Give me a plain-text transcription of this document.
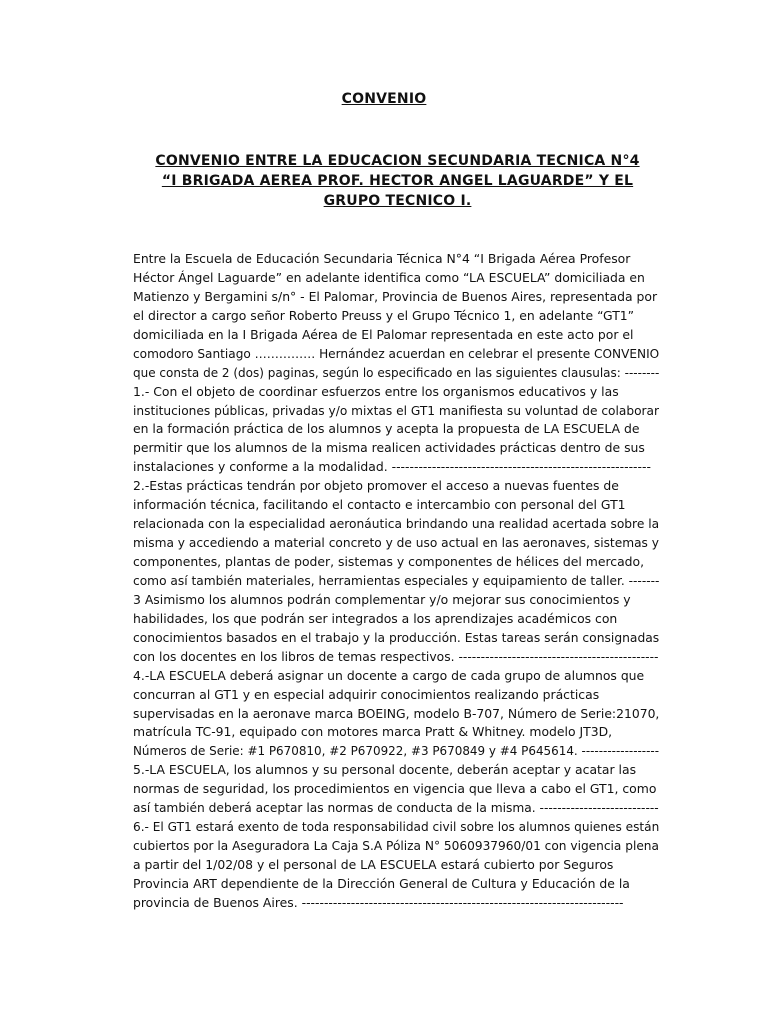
CONVENIO
CONVENIO ENTRE LA EDUCACION SECUNDARIA TECNICA N°4
“I BRIGADA AEREA PROF. HECTOR ANGEL LAGUARDE” Y EL
GRUPO TECNICO I.
Entre la Escuela de Educación Secundaria Técnica N°4 “I Brigada Aérea Profesor
Héctor Ángel Laguarde” en adelante identifica como “LA ESCUELA” domiciliada en
Matienzo y Bergamini s/n° - El Palomar, Provincia de Buenos Aires, representada por
el director a cargo señor Roberto Preuss y el Grupo Técnico 1, en adelante “GT1”
domiciliada en la I Brigada Aérea de El Palomar representada en este acto por el
comodoro Santiago …………… Hernández acuerdan en celebrar el presente CONVENIO
que consta de 2 (dos) paginas, según lo especificado en las siguientes clausulas: --------
1.- Con el objeto de coordinar esfuerzos entre los organismos educativos y las
instituciones públicas, privadas y/o mixtas el GT1 manifiesta su voluntad de colaborar
en la formación práctica de los alumnos y acepta la propuesta de LA ESCUELA de
permitir que los alumnos de la misma realicen actividades prácticas dentro de sus
instalaciones y conforme a la modalidad. ----------------------------------------------------------
2.-Estas prácticas tendrán por objeto promover el acceso a nuevas fuentes de
información técnica, facilitando el contacto e intercambio con personal del GT1
relacionada con la especialidad aeronáutica brindando una realidad acertada sobre la
misma y accediendo a material concreto y de uso actual en las aeronaves, sistemas y
componentes, plantas de poder, sistemas y componentes de hélices del mercado,
como así también materiales, herramientas especiales y equipamiento de taller. -------
3 Asimismo los alumnos podrán complementar y/o mejorar sus conocimientos y
habilidades, los que podrán ser integrados a los aprendizajes académicos con
conocimientos basados en el trabajo y la producción. Estas tareas serán consignadas
con los docentes en los libros de temas respectivos. ---------------------------------------------
4.-LA ESCUELA deberá asignar un docente a cargo de cada grupo de alumnos que
concurran al GT1 y en especial adquirir conocimientos realizando prácticas
supervisadas en la aeronave marca BOEING, modelo B-707, Número de Serie:21070,
matrícula TC-91, equipado con motores marca Pratt & Whitney. modelo JT3D,
Números de Serie: #1 P670810, #2 P670922, #3 P670849 y #4 P645614. ------------------
5.-LA ESCUELA, los alumnos y su personal docente, deberán aceptar y acatar las
normas de seguridad, los procedimientos en vigencia que lleva a cabo el GT1, como
así también deberá aceptar las normas de conducta de la misma. ---------------------------
6.- El GT1 estará exento de toda responsabilidad civil sobre los alumnos quienes están
cubiertos por la Aseguradora La Caja S.A Póliza N° 5060937960/01 con vigencia plena
a partir del 1/02/08 y el personal de LA ESCUELA estará cubierto por Seguros
Provincia ART dependiente de la Dirección General de Cultura y Educación de la
provincia de Buenos Aires. ------------------------------------------------------------------------
